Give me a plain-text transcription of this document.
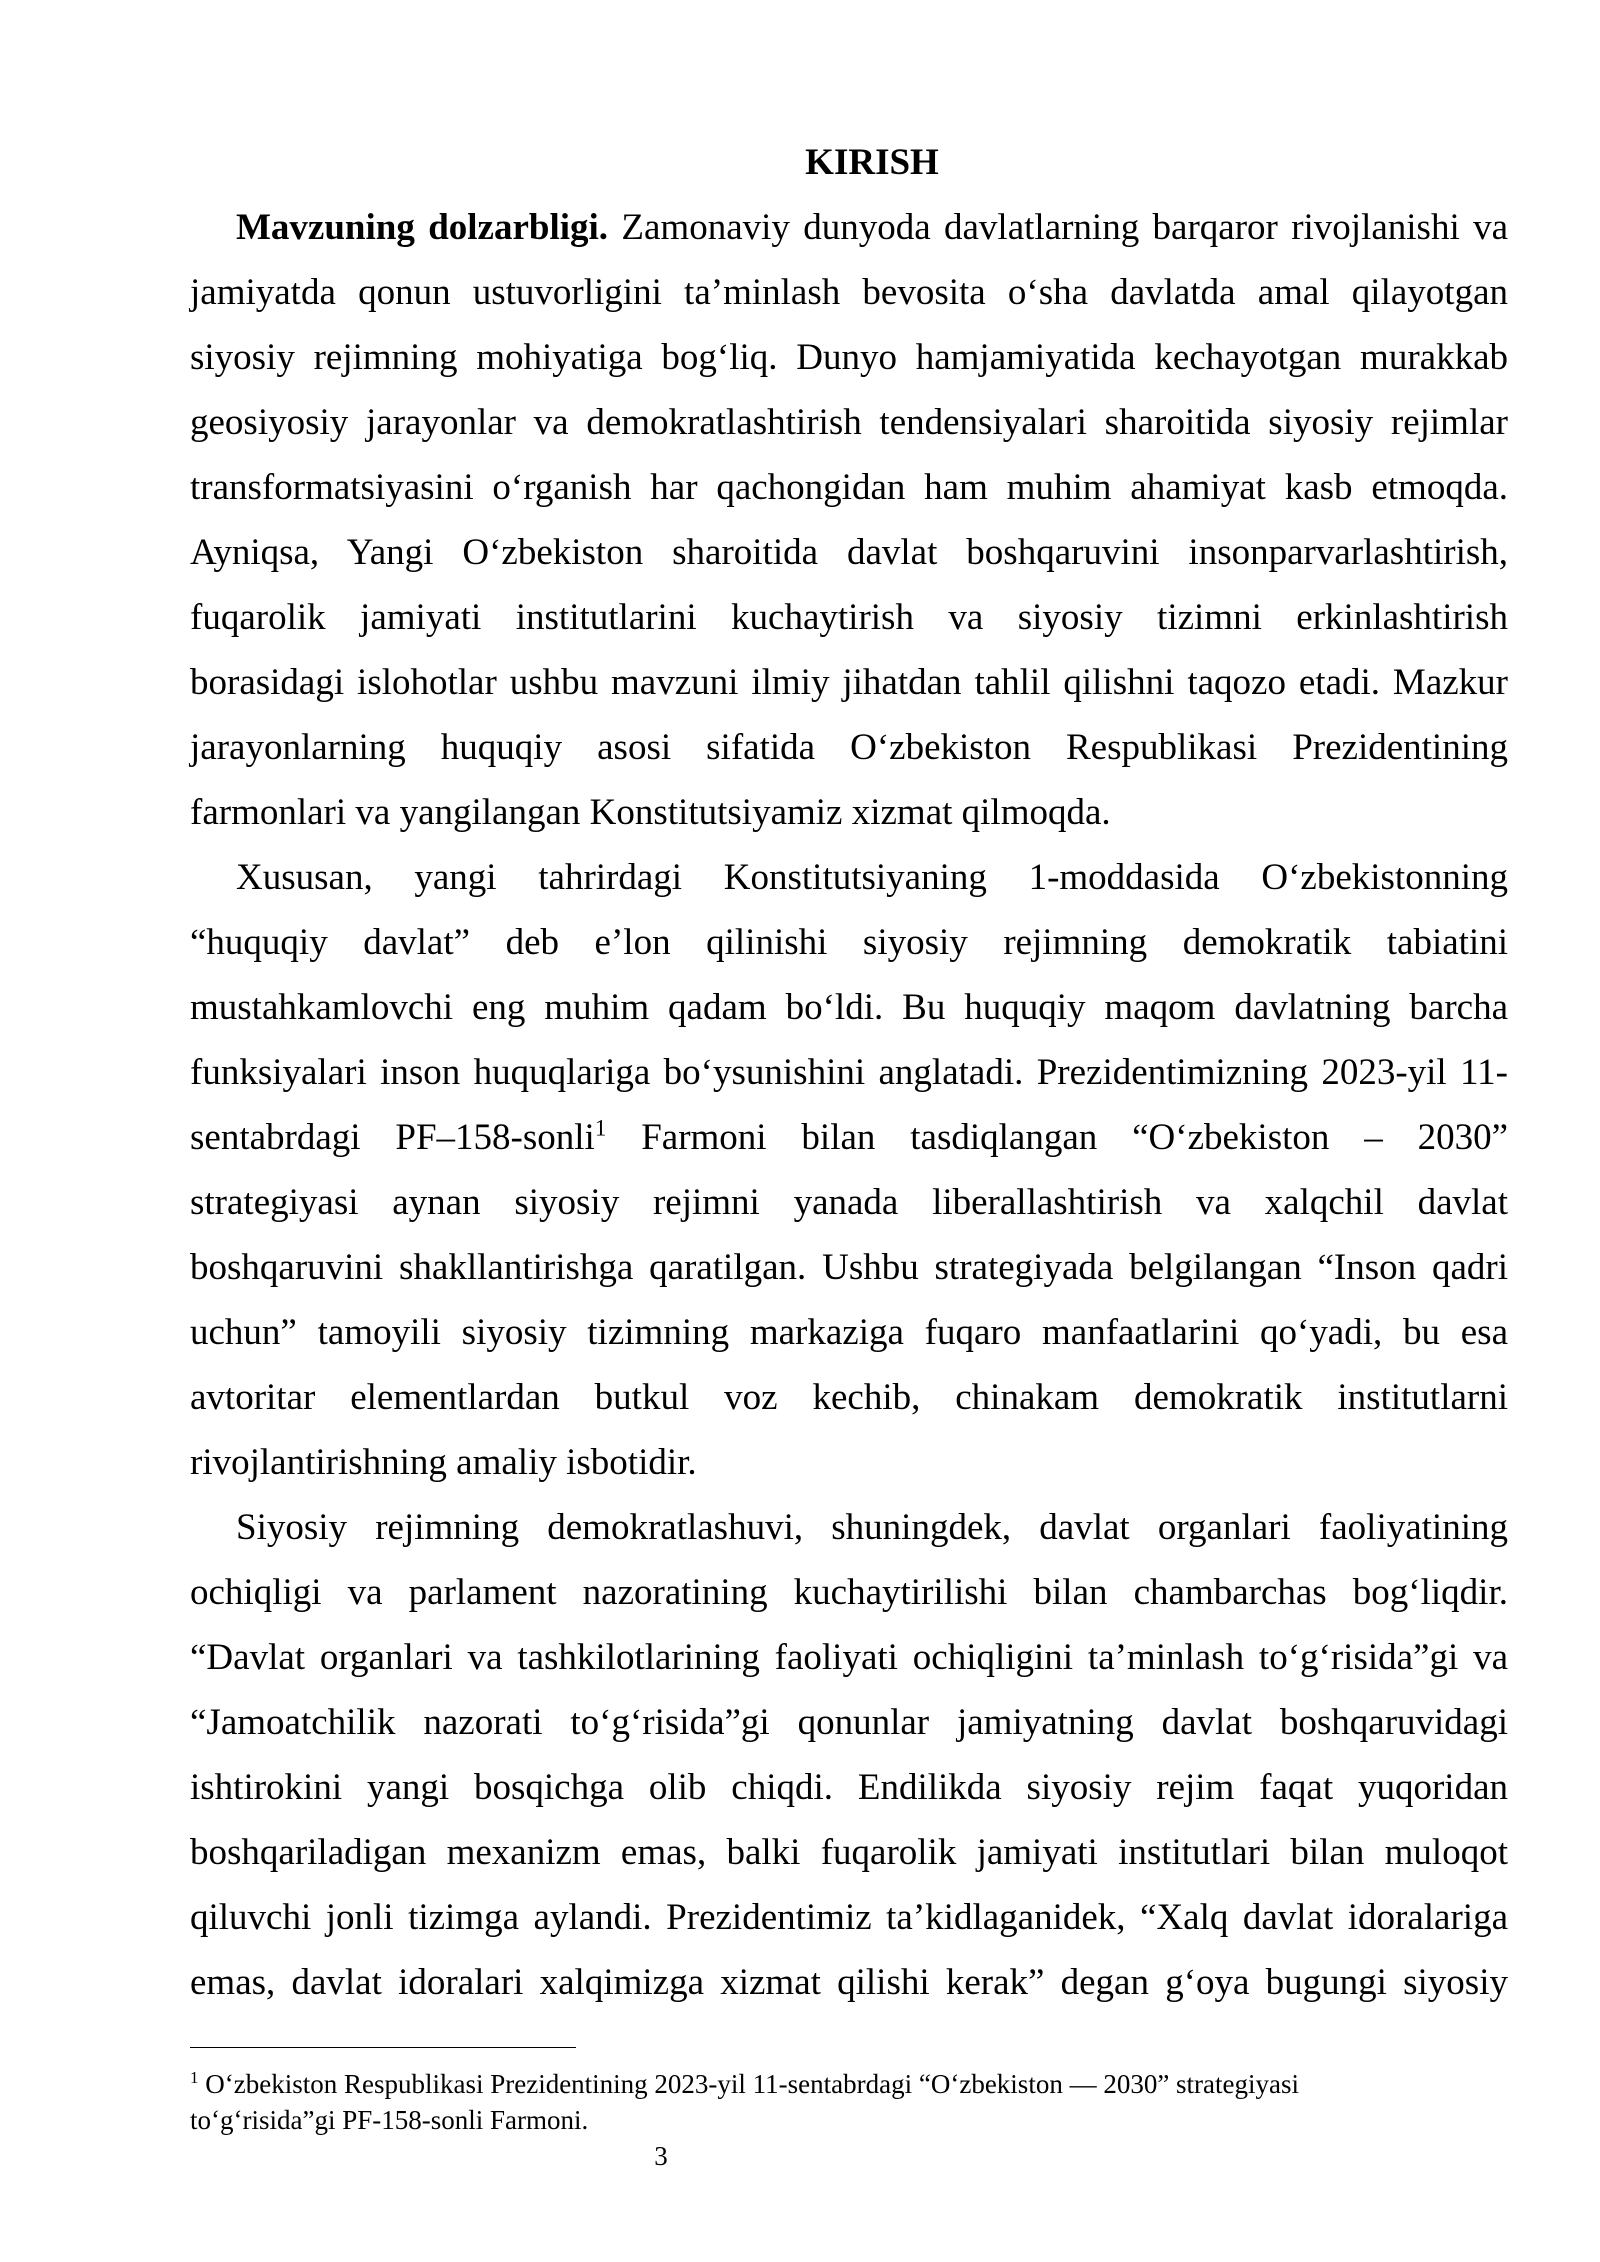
KIRISH
Mavzuning dolzarbligi. Zamonaviy dunyoda davlatlarning barqaror rivojlanishi va
jamiyatda qonun ustuvorligini ta’minlash bevosita o‘sha davlatda amal qilayotgan
siyosiy rejimning mohiyatiga bog‘liq. Dunyo hamjamiyatida kechayotgan murakkab
geosiyosiy jarayonlar va demokratlashtirish tendensiyalari sharoitida siyosiy rejimlar
transformatsiyasini o‘rganish har qachongidan ham muhim ahamiyat kasb etmoqda.
Ayniqsa, Yangi O‘zbekiston sharoitida davlat boshqaruvini insonparvarlashtirish,
fuqarolik jamiyati institutlarini kuchaytirish va siyosiy tizimni erkinlashtirish
borasidagi islohotlar ushbu mavzuni ilmiy jihatdan tahlil qilishni taqozo etadi. Mazkur
jarayonlarning huquqiy asosi sifatida O‘zbekiston Respublikasi Prezidentining
farmonlari va yangilangan Konstitutsiyamiz xizmat qilmoqda.
Xususan, yangi tahrirdagi Konstitutsiyaning 1-moddasida O‘zbekistonning
“huquqiy davlat” deb e’lon qilinishi siyosiy rejimning demokratik tabiatini
mustahkamlovchi eng muhim qadam bo‘ldi. Bu huquqiy maqom davlatning barcha
funksiyalari inson huquqlariga bo‘ysunishini anglatadi. Prezidentimizning 2023-yil 11-
sentabrdagi PF–158-sonli$^1$ Farmoni bilan tasdiqlangan “O‘zbekiston – 2030”
strategiyasi aynan siyosiy rejimni yanada liberallashtirish va xalqchil davlat
boshqaruvini shakllantirishga qaratilgan. Ushbu strategiyada belgilangan “Inson qadri
uchun” tamoyili siyosiy tizimning markaziga fuqaro manfaatlarini qo‘yadi, bu esa
avtoritar elementlardan butkul voz kechib, chinakam demokratik institutlarni
rivojlantirishning amaliy isbotidir.
Siyosiy rejimning demokratlashuvi, shuningdek, davlat organlari faoliyatining
ochiqligi va parlament nazoratining kuchaytirilishi bilan chambarchas bog‘liqdir.
“Davlat organlari va tashkilotlarining faoliyati ochiqligini ta’minlash to‘g‘risida”gi va
“Jamoatchilik nazorati to‘g‘risida”gi qonunlar jamiyatning davlat boshqaruvidagi
ishtirokini yangi bosqichga olib chiqdi. Endilikda siyosiy rejim faqat yuqoridan
boshqariladigan mexanizm emas, balki fuqarolik jamiyati institutlari bilan muloqot
qiluvchi jonli tizimga aylandi. Prezidentimiz ta’kidlaganidek, “Xalq davlat idoralariga
emas, davlat idoralari xalqimizga xizmat qilishi kerak” degan g‘oya bugungi siyosiy
$^1$ O‘zbekiston Respublikasi Prezidentining 2023-yil 11-sentabrdagi “O‘zbekiston — 2030” strategiyasi
to‘g‘risida”gi PF-158-sonli Farmoni.
3
